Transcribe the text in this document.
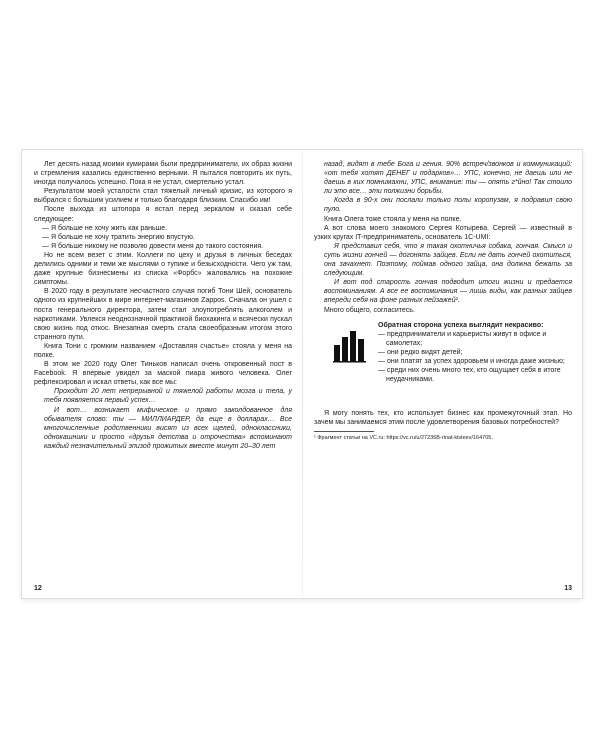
Лет десять назад моими кумирами были предприниматели, их образ жизни и стремления казались единственно верными. Я пытался повторить их путь, иногда получалось успешно. Пока я не устал, смертельно устал.

Результатом моей усталости стал тяжелый личный кризис, из которого я выбрался с большим усилием и только благодаря близким. Спасибо им!

После выхода из штопора я встал перед зеркалом и сказал себе следующее:

— Я больше не хочу жить как раньше.

— Я больше не хочу тратить энергию впустую.

— Я больше никому не позволю довести меня до такого состояния.

Но не всем везет с этим. Коллеги по цеху и друзья в личных беседах делились одними и теми же мыслями о тупике и безысходности. Чего уж там, даже крупные бизнесмены из списка «Форбс» жаловались на похожие симптомы.

В 2020 году в результате несчастного случая погиб Тони Шей, основатель одного из крупнейших в мире интернет-магазинов Zappos. Сначала он ушел с поста генерального директора, затем стал злоупотреблять алкоголем и наркотиками. Увлекся неоднозначной практикой биохакинга и всячески пускал свою жизнь под откос. Внезапная смерть стала своеобразным итогом этого странного пути.

Книга Тони с громким названием «Доставляя счастье» стояла у меня на полке.

В этом же 2020 году Олег Тиньков написал очень откровенный пост в Facebook. Я впервые увидел за маской пиара живого человека. Олег рефлексировал и искал ответы, как все мы:

Проходит 20 лет непрерывной и тяжелой работы мозга и тела, у тебя появляется первый успех…

И вот… возникает мифическое и прямо заколдованное для обывателя слово: ты — МИЛЛИАРДЕР, да еще в долларах… Все многочисленные родственники висят из всех щелей, одноклассники, однокашники и просто «друзья детства и отрочества» вспоминают каждый незначительный эпизод прожитых вместе минут 20–30 лет

12

назад, видят в тебе Бога и гения. 90% встреч/звонков и коммуникаций: «от тебя хотят ДЕНЕГ и подарков»… УПС, конечно, не даешь или не даешь в ких помнимахни, УПС, внимание: ты — опять г*йно! Так стоило ли это все… эти полжизни борьбы.

Когда в 90-х они послали только полы коропузам, я подравил свою пуло.

Книга Олега тоже стояла у меня на полке.

А вот слова моего знакомого Сергея Котырева. Сергей — известный в узких кругах IT-предприниматель, основатель 1C-UMI:

Я представил себя, что я такая охотничья собака, гончая. Смысл и суть жизни гончей — догонять зайцев. Если не дать гончей охотиться, она зачахнет. Поэтому, поймав одного зайца, она должна бежать за следующим.

И вот под старость гончая подводит итоги жизни и предается воспоминаниям. А все ее воспоминания — лишь виды, как разных зайцев впереди себя на фоне разных пейзажей¹.

Много общего, согласитесь.

Обратная сторона успеха выглядит некрасиво:
— предприниматели и карьеристы живут в офисе и самолетах;
— они редко видят детей;
— они платят за успех здоровьем и иногда даже жизнью;
— среди них очень много тех, кто ощущает себя в итоге неудачниками.

Я могу понять тех, кто использует бизнес как промежуточный этап. Но зачем мы занимаемся этим после удовлетворения базовых потребностей?

¹ Фрагмент статьи на VC.ru: https://vc.ru/u/27236B-rinat-kisteev/164705.
13
